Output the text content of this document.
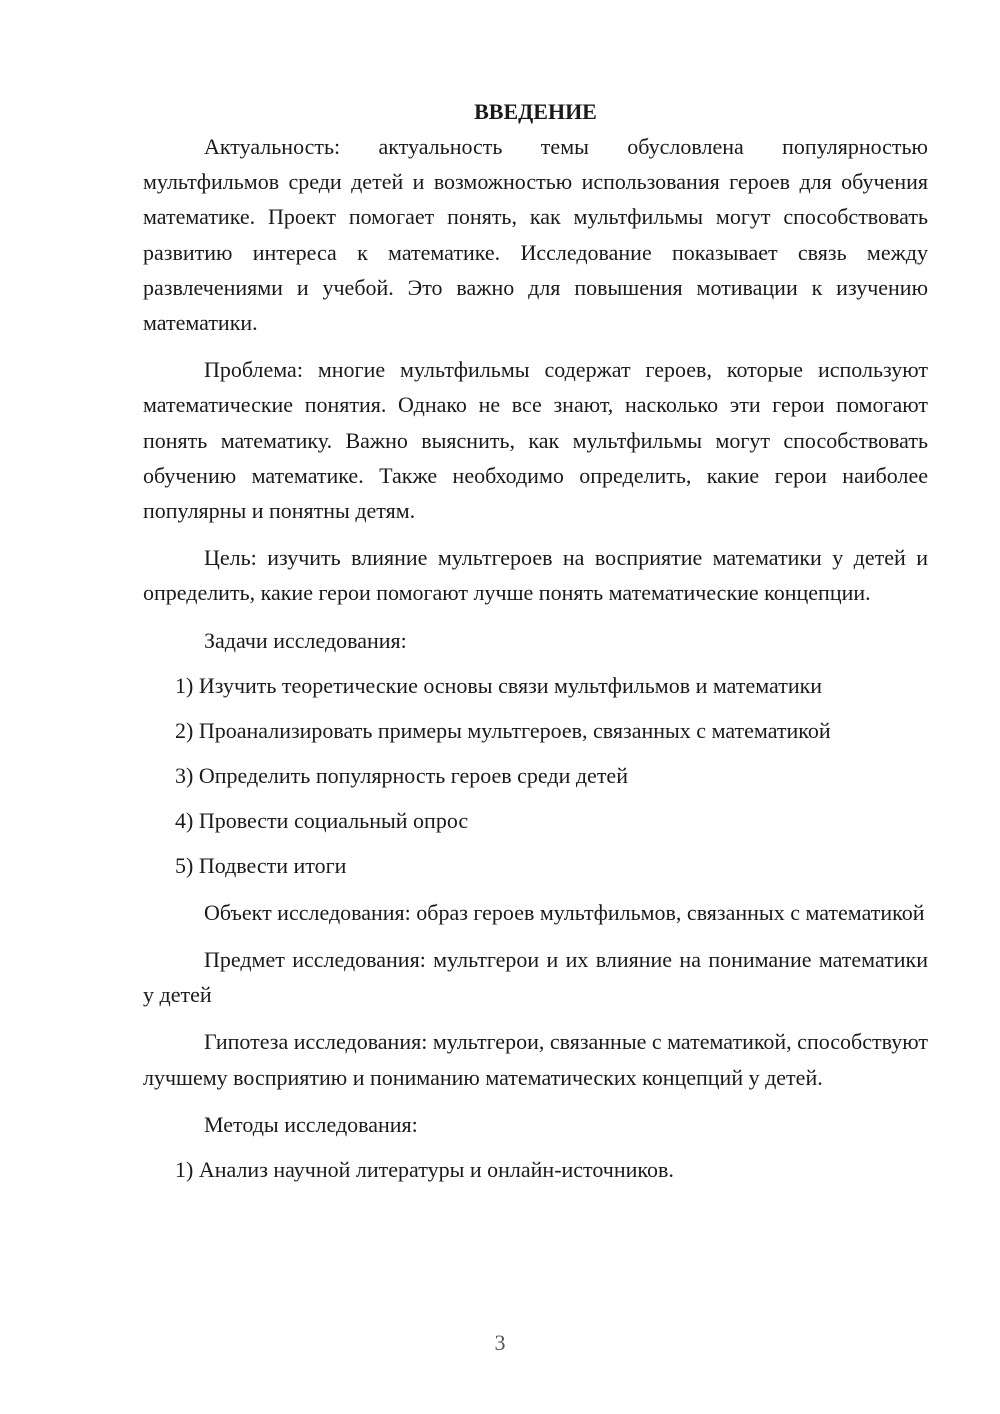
ВВЕДЕНИЕ

Актуальность: актуальность темы обусловлена популярностью мультфильмов среди детей и возможностью использования героев для обучения математике. Проект помогает понять, как мультфильмы могут способствовать развитию интереса к математике. Исследование показывает связь между развлечениями и учебой. Это важно для повышения мотивации к изучению математики.

Проблема: многие мультфильмы содержат героев, которые используют математические понятия. Однако не все знают, насколько эти герои помогают понять математику. Важно выяснить, как мультфильмы могут способствовать обучению математике. Также необходимо определить, какие герои наиболее популярны и понятны детям.

Цель: изучить влияние мультгероев на восприятие математики у детей и определить, какие герои помогают лучше понять математические концепции.

Задачи исследования:

1) Изучить теоретические основы связи мультфильмов и математики

2) Проанализировать примеры мультгероев, связанных с математикой

3) Определить популярность героев среди детей

4) Провести социальный опрос

5) Подвести итоги

Объект исследования: образ героев мультфильмов, связанных с математикой

Предмет исследования: мультгерои и их влияние на понимание математики у детей

Гипотеза исследования: мультгерои, связанные с математикой, способствуют лучшему восприятию и пониманию математических концепций у детей.

Методы исследования:

1) Анализ научной литературы и онлайн-источников.

3
